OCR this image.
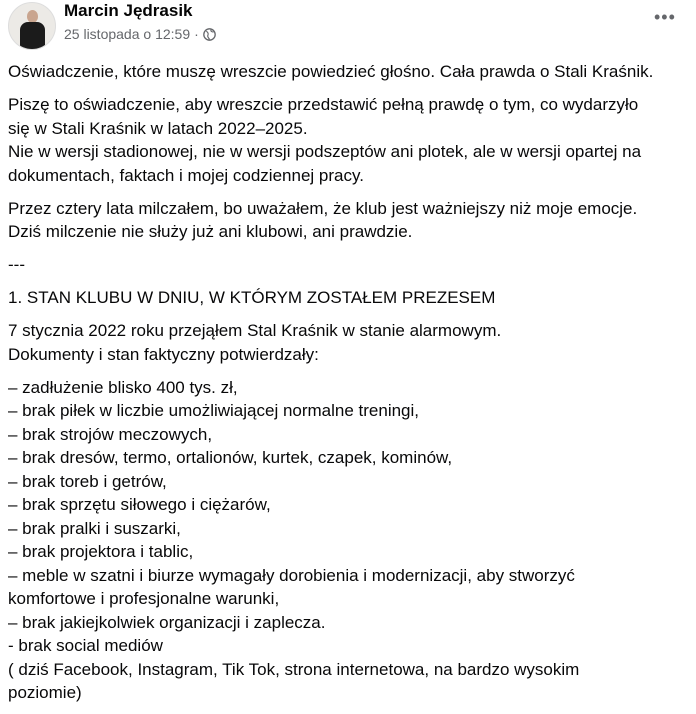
Marcin Jędrasik
25 listopada o 12:59 ·
•••
Oświadczenie, które muszę wreszcie powiedzieć głośno. Cała prawda o Stali Kraśnik.
Piszę to oświadczenie, aby wreszcie przedstawić pełną prawdę o tym, co wydarzyło
się w Stali Kraśnik w latach 2022–2025.
Nie w wersji stadionowej, nie w wersji podszeptów ani plotek, ale w wersji opartej na
dokumentach, faktach i mojej codziennej pracy.
Przez cztery lata milczałem, bo uważałem, że klub jest ważniejszy niż moje emocje.
Dziś milczenie nie służy już ani klubowi, ani prawdzie.
---
1. STAN KLUBU W DNIU, W KTÓRYM ZOSTAŁEM PREZESEM
7 stycznia 2022 roku przejąłem Stal Kraśnik w stanie alarmowym.
Dokumenty i stan faktyczny potwierdzały:
– zadłużenie blisko 400 tys. zł,
– brak piłek w liczbie umożliwiającej normalne treningi,
– brak strojów meczowych,
– brak dresów, termo, ortalionów, kurtek, czapek, kominów,
– brak toreb i getrów,
– brak sprzętu siłowego i ciężarów,
– brak pralki i suszarki,
– brak projektora i tablic,
– meble w szatni i biurze wymagały dorobienia i modernizacji, aby stworzyć
komfortowe i profesjonalne warunki,
– brak jakiejkolwiek organizacji i zaplecza.
- brak social mediów
( dziś Facebook, Instagram, Tik Tok, strona internetowa, na bardzo wysokim
poziomie)
